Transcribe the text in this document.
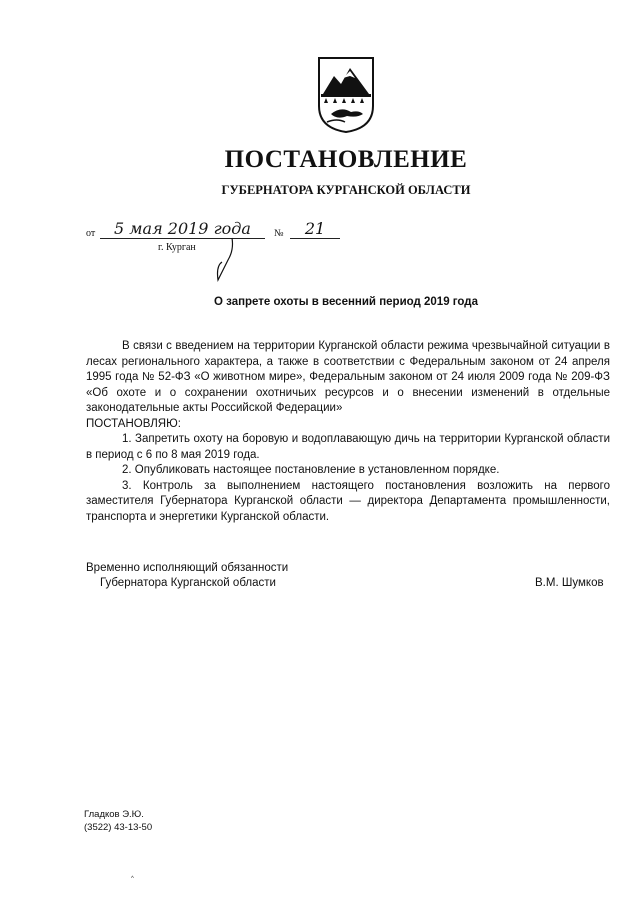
ПОСТАНОВЛЕНИЕ
ГУБЕРНАТОРА КУРГАНСКОЙ ОБЛАСТИ
от	5 мая 2019 года	№	21
г. Курган
О запрете охоты в весенний период 2019 года

В связи с введением на территории Курганской области режима чрезвычайной ситуации в лесах регионального характера, а также в соответствии с Федеральным законом от 24 апреля 1995 года № 52-ФЗ «О животном мире», Федеральным законом от 24 июля 2009 года № 209-ФЗ «Об охоте и о сохранении охотничьих ресурсов и о внесении изменений в отдельные законодательные акты Российской Федерации»

ПОСТАНОВЛЯЮ:

1. Запретить охоту на боровую и водоплавающую дичь на территории Курганской области в период с 6 по 8 мая 2019 года.

2. Опубликовать настоящее постановление в установленном порядке.

3. Контроль за выполнением настоящего постановления возложить на первого заместителя Губернатора Курганской области — директора Департамента промышленности, транспорта и энергетики Курганской области.

Временно исполняющий обязанности
Губернатора Курганской области	В.М. Шумков
Гладков Э.Ю.
(3522) 43-13-50
^
